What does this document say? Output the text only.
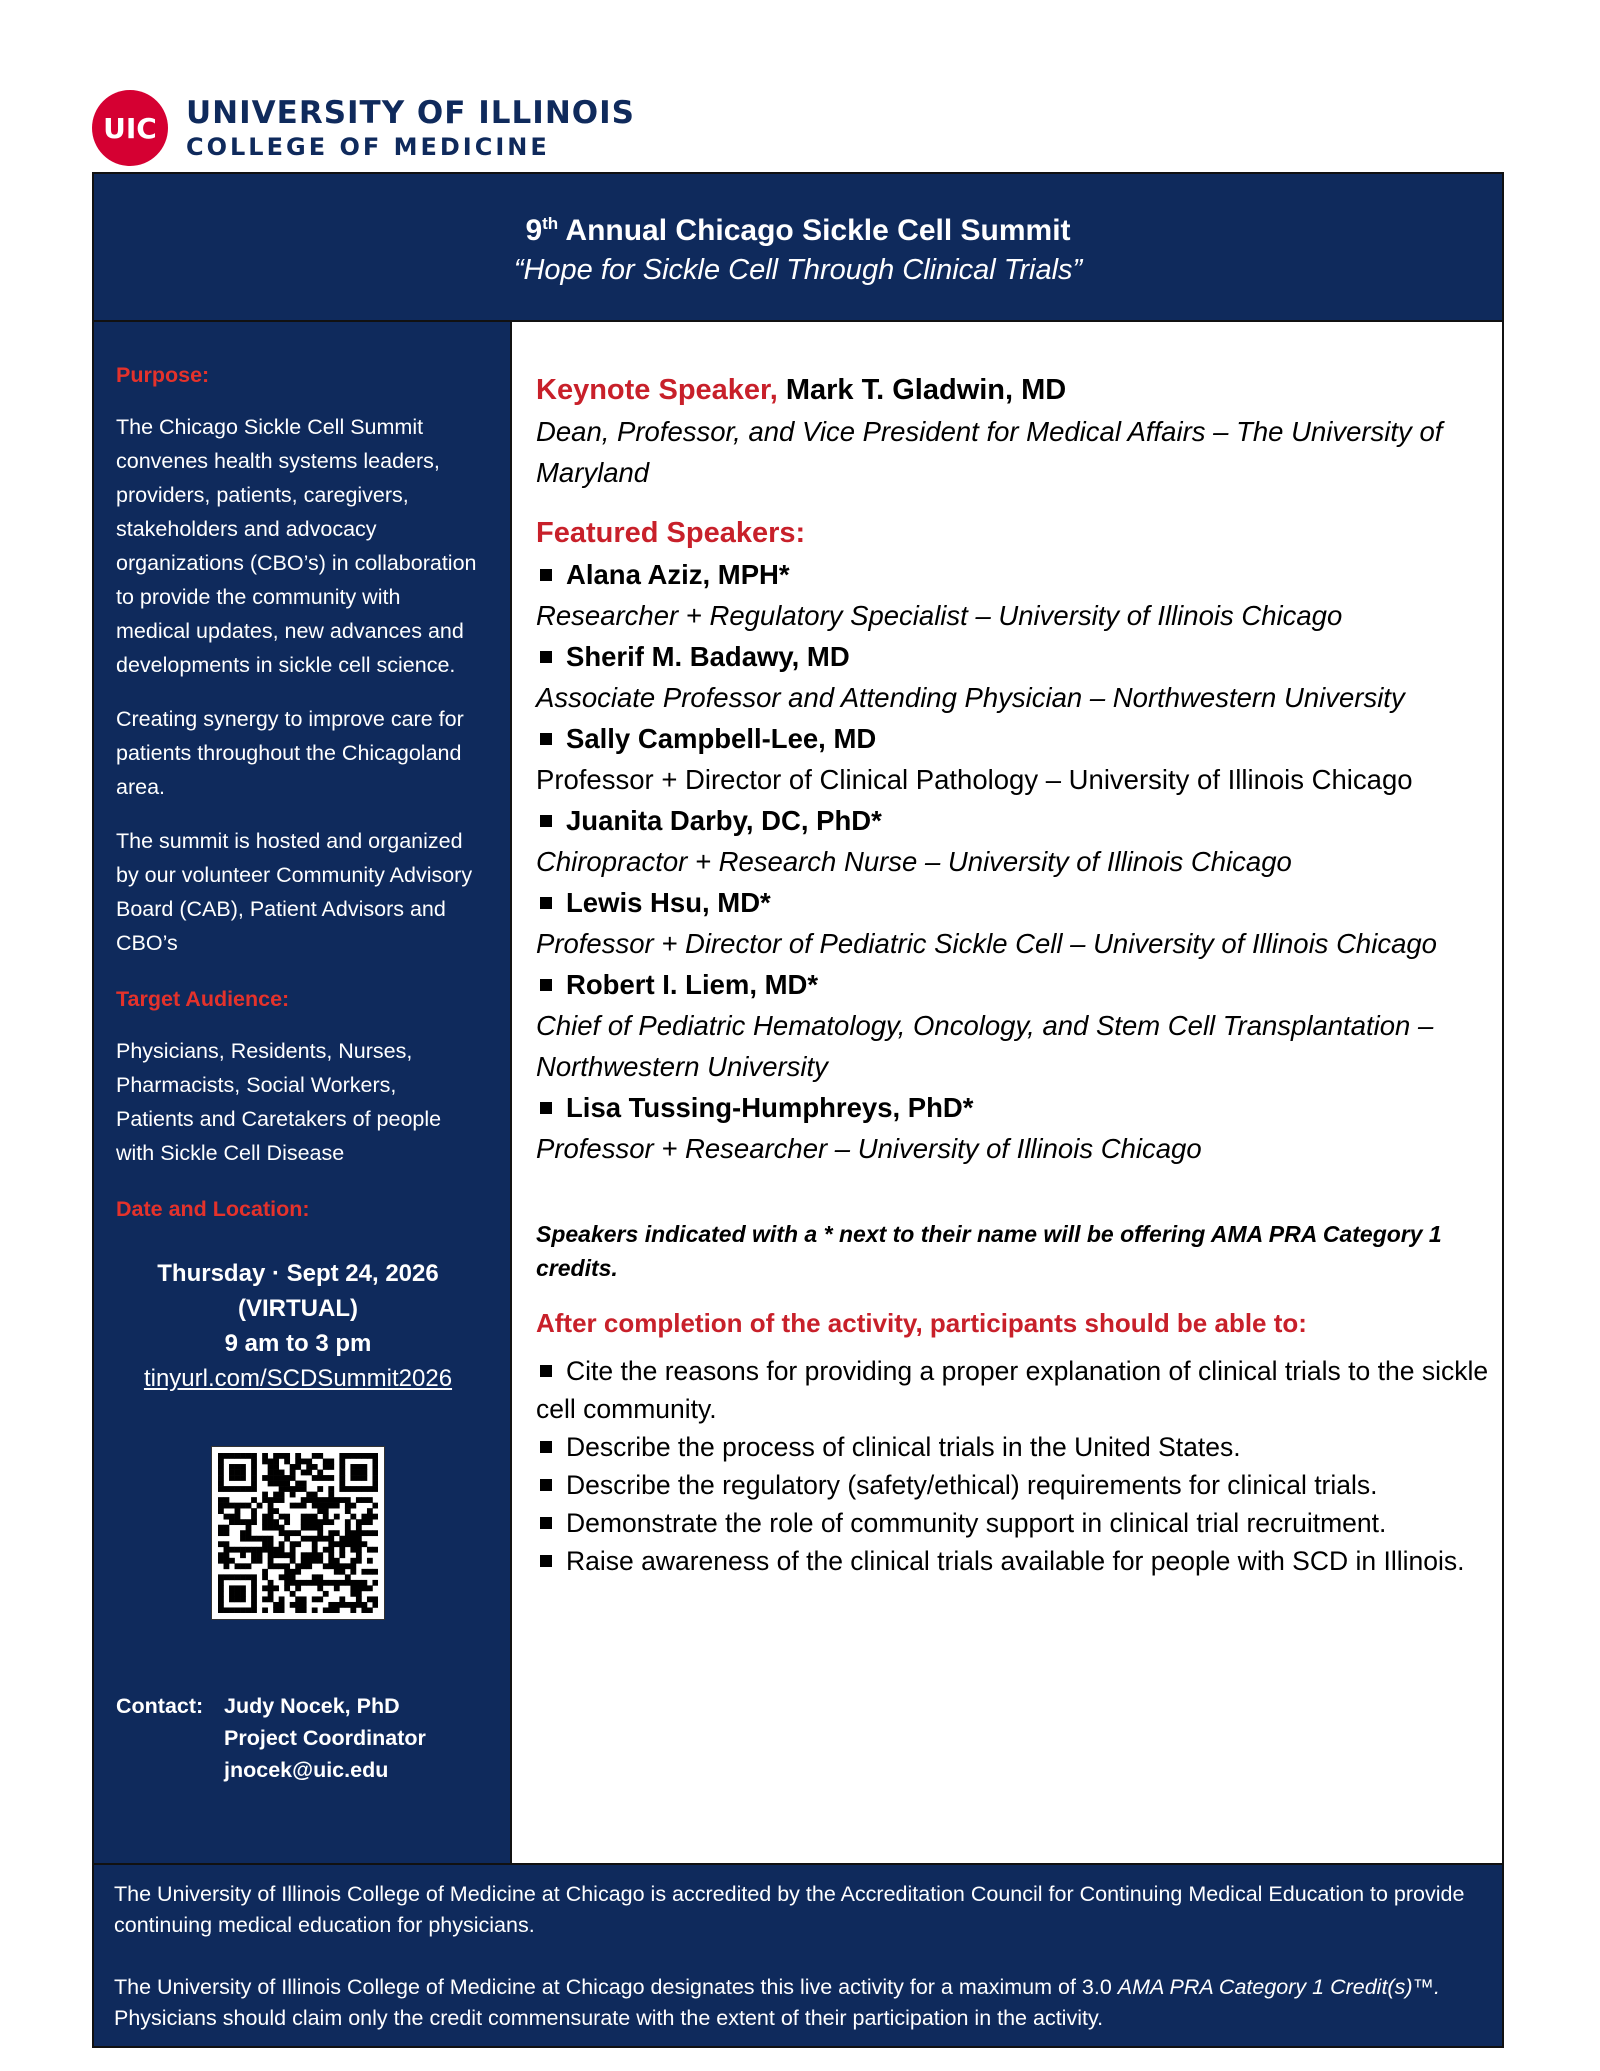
UIC UNIVERSITY OF ILLINOIS
COLLEGE OF MEDICINE
9th Annual Chicago Sickle Cell Summit
“Hope for Sickle Cell Through Clinical Trials”
Purpose:

The Chicago Sickle Cell Summit convenes health systems leaders, providers, patients, caregivers, stakeholders and advocacy organizations (CBO’s) in collaboration to provide the community with medical updates, new advances and developments in sickle cell science.

Creating synergy to improve care for patients throughout the Chicagoland area.

The summit is hosted and organized by our volunteer Community Advisory Board (CAB), Patient Advisors and CBO’s

Target Audience:

Physicians, Residents, Nurses, Pharmacists, Social Workers, Patients and Caretakers of people with Sickle Cell Disease

Date and Location:
Thursday · Sept 24, 2026
(VIRTUAL)
9 am to 3 pm
tinyurl.com/SCDSummit2026
Contact: Judy Nocek, PhD
Project Coordinator
jnocek@uic.edu
Keynote Speaker, Mark T. Gladwin, MD
Dean, Professor, and Vice President for Medical Affairs – The University of Maryland
Featured Speakers:
Alana Aziz, MPH*
Researcher + Regulatory Specialist – University of Illinois Chicago
Sherif M. Badawy, MD
Associate Professor and Attending Physician – Northwestern University
Sally Campbell-Lee, MD
Professor + Director of Clinical Pathology – University of Illinois Chicago
Juanita Darby, DC, PhD*
Chiropractor + Research Nurse – University of Illinois Chicago
Lewis Hsu, MD*
Professor + Director of Pediatric Sickle Cell – University of Illinois Chicago
Robert I. Liem, MD*
Chief of Pediatric Hematology, Oncology, and Stem Cell Transplantation – Northwestern University
Lisa Tussing-Humphreys, PhD*
Professor + Researcher – University of Illinois Chicago
Speakers indicated with a * next to their name will be offering AMA PRA Category 1 credits.
After completion of the activity, participants should be able to:
Cite the reasons for providing a proper explanation of clinical trials to the sickle cell community.
Describe the process of clinical trials in the United States.
Describe the regulatory (safety/ethical) requirements for clinical trials.
Demonstrate the role of community support in clinical trial recruitment.
Raise awareness of the clinical trials available for people with SCD in Illinois.

The University of Illinois College of Medicine at Chicago is accredited by the Accreditation Council for Continuing Medical Education to provide continuing medical education for physicians.

The University of Illinois College of Medicine at Chicago designates this live activity for a maximum of 3.0 AMA PRA Category 1 Credit(s)™. Physicians should claim only the credit commensurate with the extent of their participation in the activity.
